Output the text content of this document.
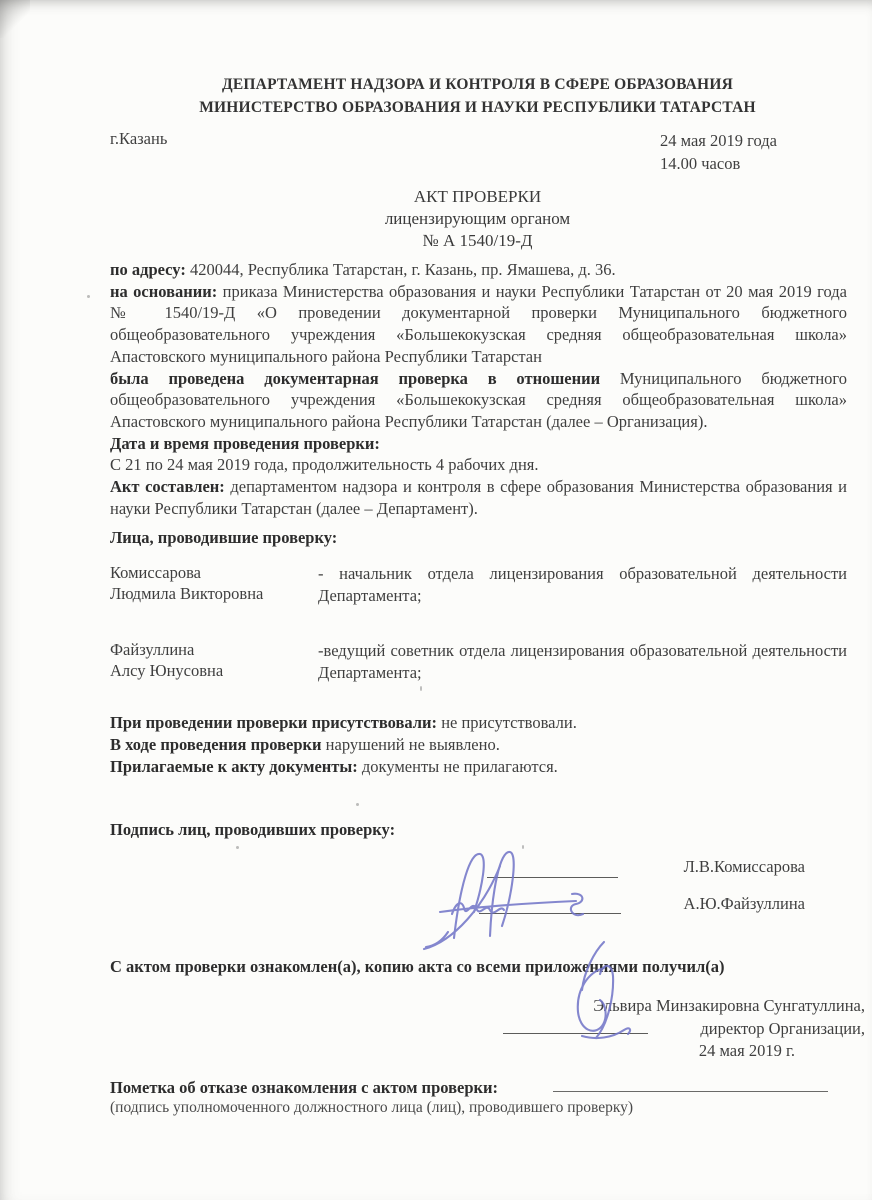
ДЕПАРТАМЕНТ НАДЗОРА И КОНТРОЛЯ В СФЕРЕ ОБРАЗОВАНИЯ
МИНИСТЕРСТВО ОБРАЗОВАНИЯ И НАУКИ РЕСПУБЛИКИ ТАТАРСТАН
г.Казань	24 мая 2019 года
14.00 часов
АКТ ПРОВЕРКИ
лицензирующим органом
№ А 1540/19-Д

по адресу: 420044, Республика Татарстан, г. Казань, пр. Ямашева, д. 36.

на основании: приказа Министерства образования и науки Республики Татарстан от 20 мая 2019 года № 1540/19-Д «О проведении документарной проверки Муниципального бюджетного общеобразовательного учреждения «Большекокузская средняя общеобразовательная школа» Апастовского муниципального района Республики Татарстан

была проведена документарная проверка в отношении Муниципального бюджетного общеобразовательного учреждения «Большекокузская средняя общеобразовательная школа» Апастовского муниципального района Республики Татарстан (далее – Организация).

Дата и время проведения проверки:

С 21 по 24 мая 2019 года, продолжительность 4 рабочих дня.

Акт составлен: департаментом надзора и контроля в сфере образования Министерства образования и науки Республики Татарстан (далее – Департамент).

Лица, проводившие проверку:
Комиссарова
Людмила Викторовна
- начальник отдела лицензирования образовательной деятельности Департамента;
Файзуллина
Алсу Юнусовна
-ведущий советник отдела лицензирования образовательной деятельности Департамента;

При проведении проверки присутствовали: не присутствовали.

В ходе проведения проверки нарушений не выявлено.

Прилагаемые к акту документы: документы не прилагаются.

Подпись лиц, проводивших проверку:
Л.В.Комиссарова
А.Ю.Файзуллина
С актом проверки ознакомлен(а), копию акта со всеми приложениями получил(а)
Эльвира Минзакировна Сунгатуллина,
директор Организации,
24 мая 2019 г.
Пометка об отказе ознакомления с актом проверки:
(подпись уполномоченного должностного лица (лиц), проводившего проверку)
